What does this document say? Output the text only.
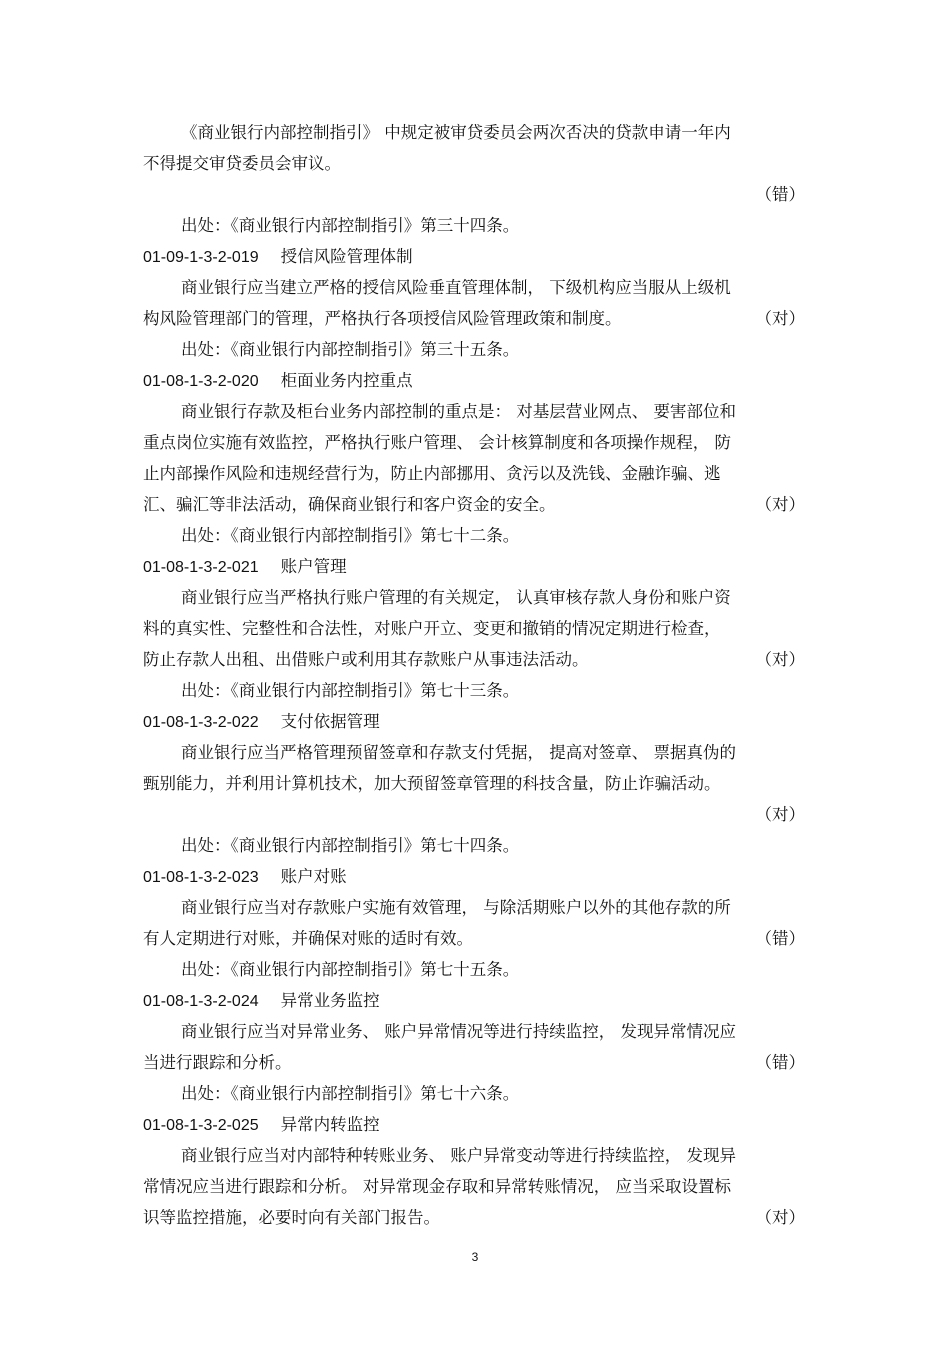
《商业银行内部控制指引》 中规定被审贷委员会两次否决的贷款申请一年内
不得提交审贷委员会审议。
（错）
出处：《商业银行内部控制指引》第三十四条。
01-09-1-3-2-019 授信风险管理体制
商业银行应当建立严格的授信风险垂直管理体制， 下级机构应当服从上级机
构风险管理部门的管理，严格执行各项授信风险管理政策和制度。	（对）
出处：《商业银行内部控制指引》第三十五条。
01-08-1-3-2-020 柜面业务内控重点
商业银行存款及柜台业务内部控制的重点是： 对基层营业网点、 要害部位和
重点岗位实施有效监控，严格执行账户管理、 会计核算制度和各项操作规程， 防
止内部操作风险和违规经营行为，防止内部挪用、贪污以及洗钱、金融诈骗、逃
汇、骗汇等非法活动，确保商业银行和客户资金的安全。	（对）
出处：《商业银行内部控制指引》第七十二条。
01-08-1-3-2-021 账户管理
商业银行应当严格执行账户管理的有关规定， 认真审核存款人身份和账户资
料的真实性、完整性和合法性，对账户开立、变更和撤销的情况定期进行检查，
防止存款人出租、出借账户或利用其存款账户从事违法活动。	（对）
出处：《商业银行内部控制指引》第七十三条。
01-08-1-3-2-022 支付依据管理
商业银行应当严格管理预留签章和存款支付凭据， 提高对签章、 票据真伪的
甄别能力，并利用计算机技术，加大预留签章管理的科技含量，防止诈骗活动。
（对）
出处：《商业银行内部控制指引》第七十四条。
01-08-1-3-2-023 账户对账
商业银行应当对存款账户实施有效管理， 与除活期账户以外的其他存款的所
有人定期进行对账，并确保对账的适时有效。	（错）
出处：《商业银行内部控制指引》第七十五条。
01-08-1-3-2-024 异常业务监控
商业银行应当对异常业务、 账户异常情况等进行持续监控， 发现异常情况应
当进行跟踪和分析。	（错）
出处：《商业银行内部控制指引》第七十六条。
01-08-1-3-2-025 异常内转监控
商业银行应当对内部特种转账业务、 账户异常变动等进行持续监控， 发现异
常情况应当进行跟踪和分析。 对异常现金存取和异常转账情况， 应当采取设置标
识等监控措施，必要时向有关部门报告。	（对）
3
